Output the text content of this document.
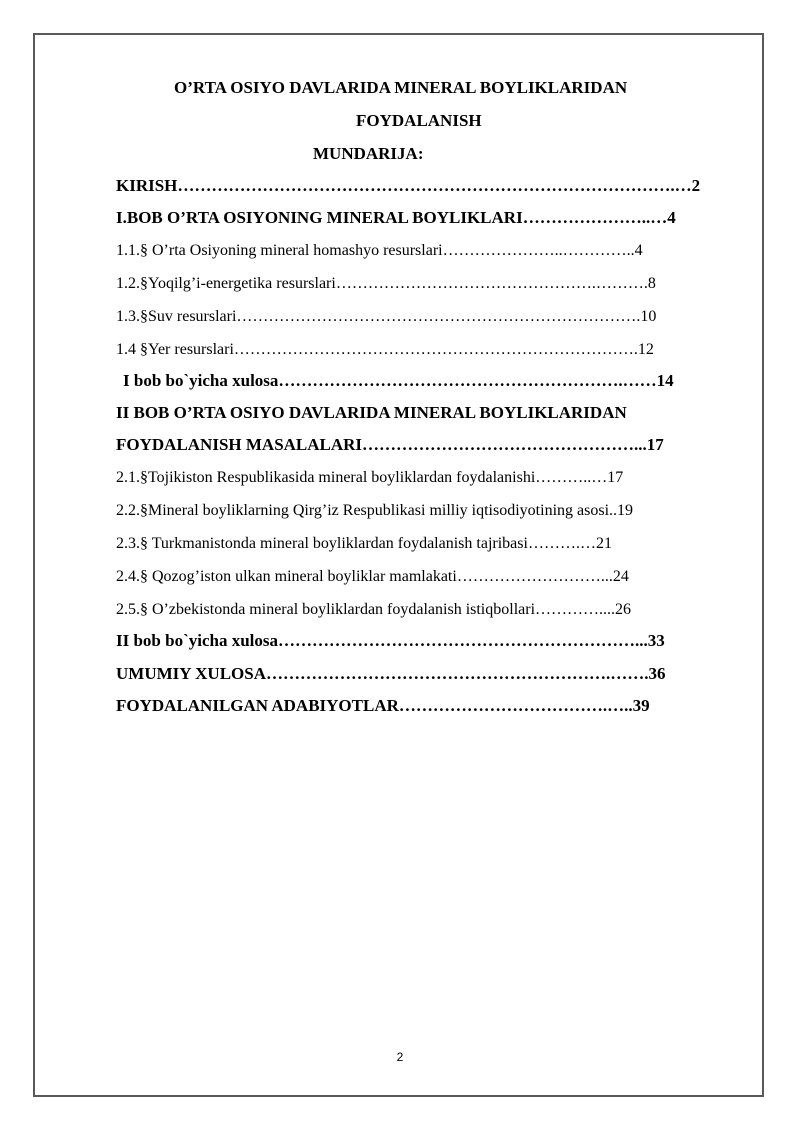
O’RTA OSIYO DAVLARIDA MINERAL BOYLIKLARIDAN
FOYDALANISH
MUNDARIJA:
KIRISH…………………………………………………………………………….…2
I.BOB O’RTA OSIYONING MINERAL BOYLIKLARI…………………..…4
1.1.§ O’rta Osiyoning mineral homashyo resurslari…………………..…………..4
1.2.§Yoqilg’i-energetika resurslari………………………………………….……….8
1.3.§Suv resurslari………………………………………………………………….10
1.4 §Yer resurslari………………………………………………………………….12
I bob bo`yicha xulosa…………………………………………………….……14
II BOB O’RTA OSIYO DAVLARIDA MINERAL BOYLIKLARIDAN
FOYDALANISH MASALALARI…………………………………………...17
2.1.§Tojikiston Respublikasida mineral boyliklardan foydalanishi………..…17
2.2.§Mineral boyliklarning Qirg’iz Respublikasi milliy iqtisodiyotining asosi..19
2.3.§ Turkmanistonda mineral boyliklardan foydalanish tajribasi……….…21
2.4.§ Qozog’iston ulkan mineral boyliklar mamlakati………………………...24
2.5.§ O’zbekistonda mineral boyliklardan foydalanish istiqbollari…………....26
II bob bo`yicha xulosa………………………………………………………...33
UMUMIY XULOSA…………………………………………………….…….36
FOYDALANILGAN ADABIYOTLAR……………………………….…..39
2
